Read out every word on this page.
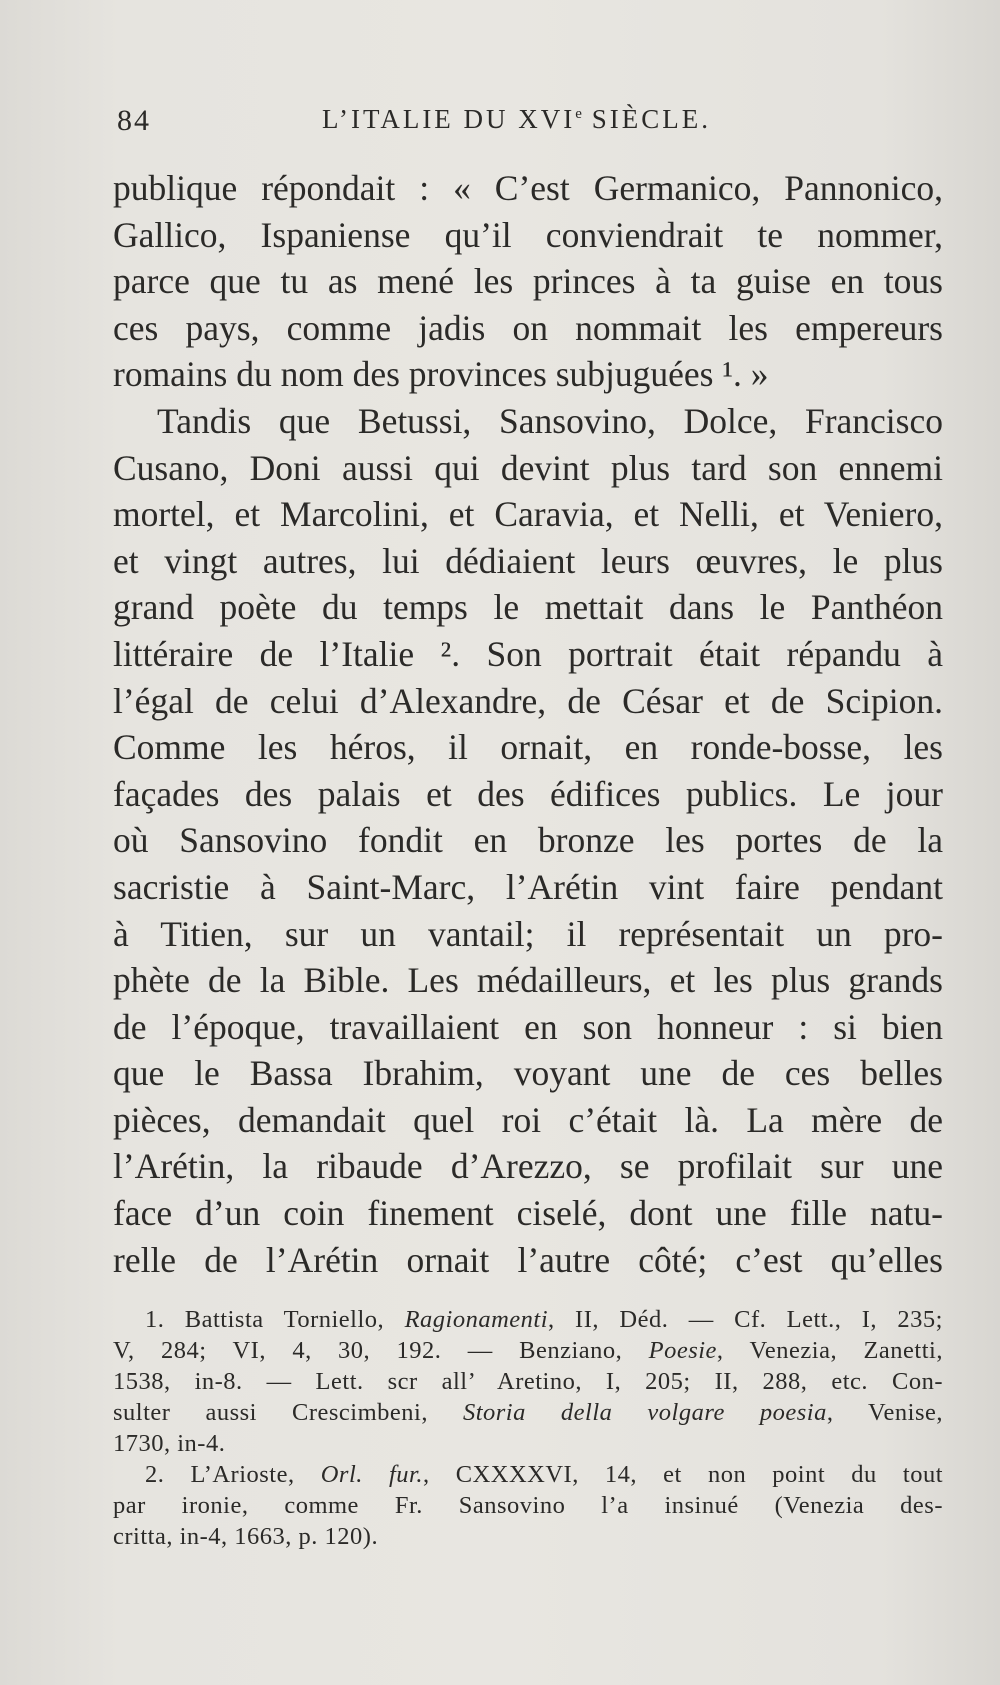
84	L’ITALIE DU XVIe SIÈCLE.
publique répondait : « C’est Germanico, Pannonico,
Gallico, Ispaniense qu’il conviendrait te nommer,
parce que tu as mené les princes à ta guise en tous
ces pays, comme jadis on nommait les empereurs
romains du nom des provinces subjuguées ¹. »
Tandis que Betussi, Sansovino, Dolce, Francisco
Cusano, Doni aussi qui devint plus tard son ennemi
mortel, et Marcolini, et Caravia, et Nelli, et Veniero,
et vingt autres, lui dédiaient leurs œuvres, le plus
grand poète du temps le mettait dans le Panthéon
littéraire de l’Italie ². Son portrait était répandu à
l’égal de celui d’Alexandre, de César et de Scipion.
Comme les héros, il ornait, en ronde-bosse, les
façades des palais et des édifices publics. Le jour
où Sansovino fondit en bronze les portes de la
sacristie à Saint-Marc, l’Arétin vint faire pendant
à Titien, sur un vantail; il représentait un pro-
phète de la Bible. Les médailleurs, et les plus grands
de l’époque, travaillaient en son honneur : si bien
que le Bassa Ibrahim, voyant une de ces belles
pièces, demandait quel roi c’était là. La mère de
l’Arétin, la ribaude d’Arezzo, se profilait sur une
face d’un coin finement ciselé, dont une fille natu-
relle de l’Arétin ornait l’autre côté; c’est qu’elles
1. Battista Torniello, Ragionamenti, II, Déd. — Cf. Lett., I, 235;
V, 284; VI, 4, 30, 192. — Benziano, Poesie, Venezia, Zanetti,
1538, in-8. — Lett. scr all’ Aretino, I, 205; II, 288, etc. Con-
sulter aussi Crescimbeni, Storia della volgare poesia, Venise,
1730, in-4.
2. L’Arioste, Orl. fur., CXXXXVI, 14, et non point du tout
par ironie, comme Fr. Sansovino l’a insinué (Venezia des-
critta, in-4, 1663, p. 120).
